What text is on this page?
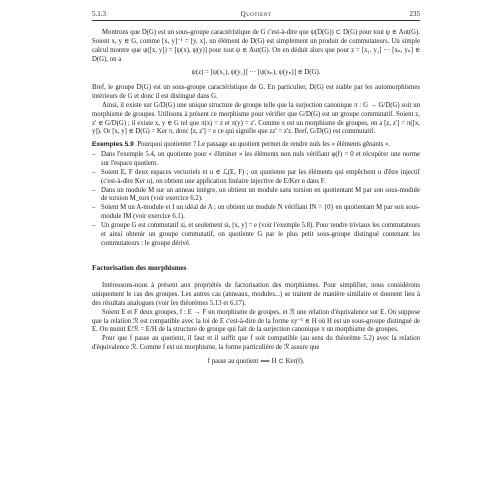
5.1.3	Quotient	235

Montrons que D(G) est un sous-groupe caractéristique de G c'est-à-dire que ψ(D(G)) ⊂ D(G) pour tout ψ ∈ Aut(G). Soient x, y ∈ G, comme [x, y]⁻¹ = [y, x], un élément de D(G) est simplement un produit de commutateurs. Un simple calcul montre que ψ([x, y]) = [ψ(x), ψ(y)] pour tout ψ ∈ Aut(G). On en déduit alors que pour z = [x₁, y₁] ··· [xₙ, yₙ] ∈ D(G), on a

ψ(z) = [ψ(x₁), ψ(y₁)] ··· [ψ(xₙ), ψ(yₙ)] ∈ D(G).

Bref, le groupe D(G) est un sous-groupe caractéristique de G. En particulier, D(G) est stable par les automorphismes intérieurs de G et donc il est distingué dans G.

Ainsi, il existe sur G/D(G) une unique structure de groupe telle que la surjection canonique π : G → G/D(G) soit un morphisme de groupes. Utilisons à présent ce morphisme pour vérifier que G/D(G) est un groupe commutatif. Soient z, z' ∈ G/D(G) ; il existe x, y ∈ G tel que π(x) = z et π(y) = z'. Comme π est un morphisme de groupes, on a [z, z'] = π([x, y]). Or [x, y] ∈ D(G) = Ker π, donc [z, z'] = e ce qui signifie que zz' = z'z. Bref, G/D(G) est commutatif.

Exemples 5.9 Pourquoi quotienter ? Le passage au quotient permet de rendre nuls les « éléments gênants ».

– Dans l'exemple 5.4, on quotiente pour « éliminer » les éléments non nuls vérifiant φ(f) = 0 et récupérer une norme sur l'espace quotient.
– Soient E, F deux espaces vectoriels et u ∈ ℒ(E, F) ; on quotiente par les éléments qui empêchent u d'être injectif (c'est-à-dire Ker u), on obtient une application linéaire injective de E/Ker u dans F.
– Dans un module M sur un anneau intègre, on obtient un module sans torsion en quotientant M par son sous-module de torsion M_tors (voir exercice 6.2).
– Soient M un A-module et I un idéal de A ; on obtient un module N vérifiant IN = {0} en quotientant M par son sous-module IM (voir exercice 6.1).
– Un groupe G est commutatif si, et seulement si, [x, y] = e (voir l'exemple 5.8). Pour rendre triviaux les commutateurs et ainsi obtenir un groupe commutatif, on quotiente G par le plus petit sous-groupe distingué contenant les commutateurs : le groupe dérivé.
Factorisation des morphismes

Intéressons-nous à présent aux propriétés de factorisation des morphismes. Pour simplifier, nous considérons uniquement le cas des groupes. Les autres cas (anneaux, modules...) se traitent de manière similaire et donnent lieu à des résultats analogues (voir les théorèmes 5.13 et 6.17).

Soient E et F deux groupes, f : E → F un morphisme de groupes, et ℛ une relation d'équivalence sur E. On suppose que la relation ℛ est compatible avec la loi de E c'est-à-dire de la forme xy⁻¹ ∈ H où H est un sous-groupe distingué de E. On munit E/ℛ = E/H de la structure de groupe qui fait de la surjection canonique π un morphisme de groupes.

Pour que f passe au quotient, il faut et il suffit que f soit compatible (au sens du théorème 5.2) avec la relation d'équivalence ℛ. Comme f est un morphisme, la forme particulière de ℛ assure que

f passe au quotient ⟺ H ⊂ Ker(f).
